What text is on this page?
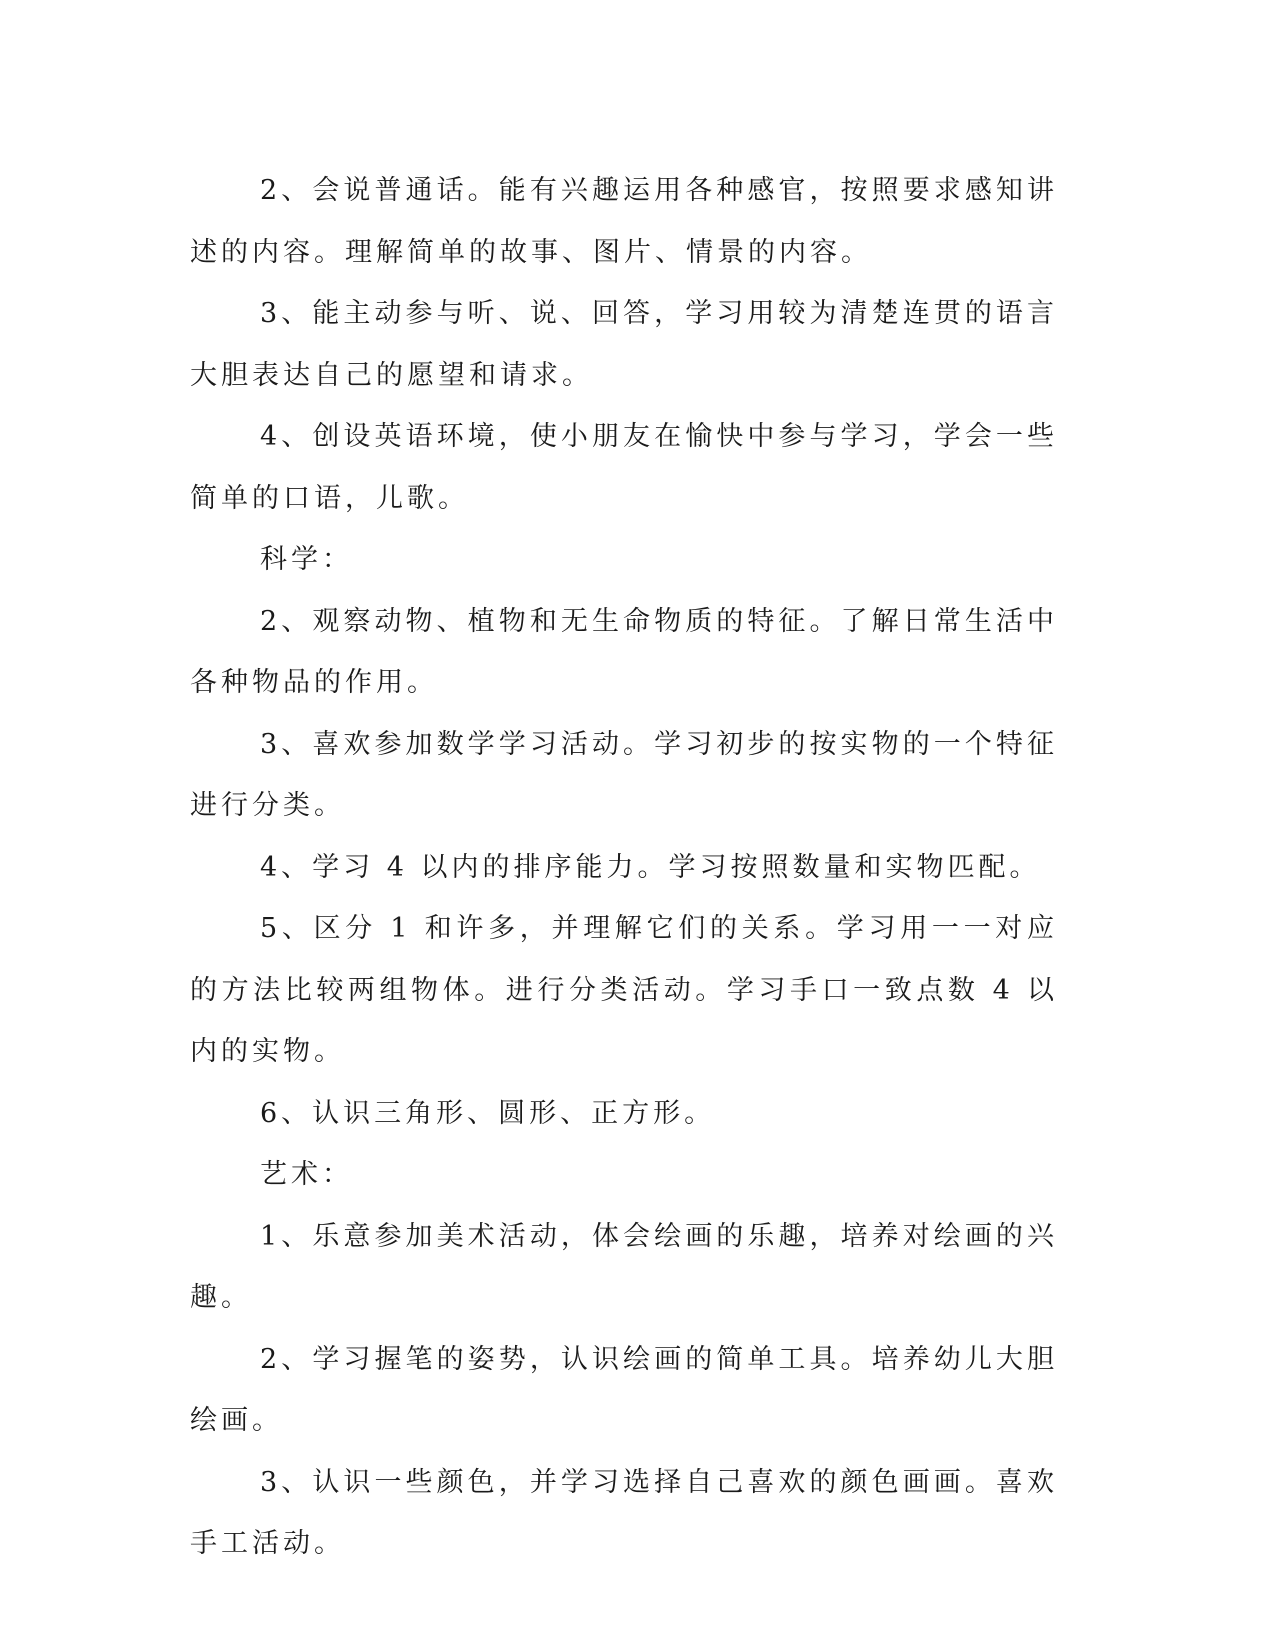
2、会说普通话。能有兴趣运用各种感官，按照要求感知讲述的内容。理解简单的故事、图片、情景的内容。

3、能主动参与听、说、回答，学习用较为清楚连贯的语言大胆表达自己的愿望和请求。

4、创设英语环境，使小朋友在愉快中参与学习，学会一些简单的口语，儿歌。

科学：

2、观察动物、植物和无生命物质的特征。了解日常生活中各种物品的作用。

3、喜欢参加数学学习活动。学习初步的按实物的一个特征进行分类。

4、学习 4 以内的排序能力。学习按照数量和实物匹配。

5、区分 1 和许多，并理解它们的关系。学习用一一对应的方法比较两组物体。进行分类活动。学习手口一致点数 4 以内的实物。

6、认识三角形、圆形、正方形。

艺术：

1、乐意参加美术活动，体会绘画的乐趣，培养对绘画的兴趣。

2、学习握笔的姿势，认识绘画的简单工具。培养幼儿大胆绘画。

3、认识一些颜色，并学习选择自己喜欢的颜色画画。喜欢手工活动。
